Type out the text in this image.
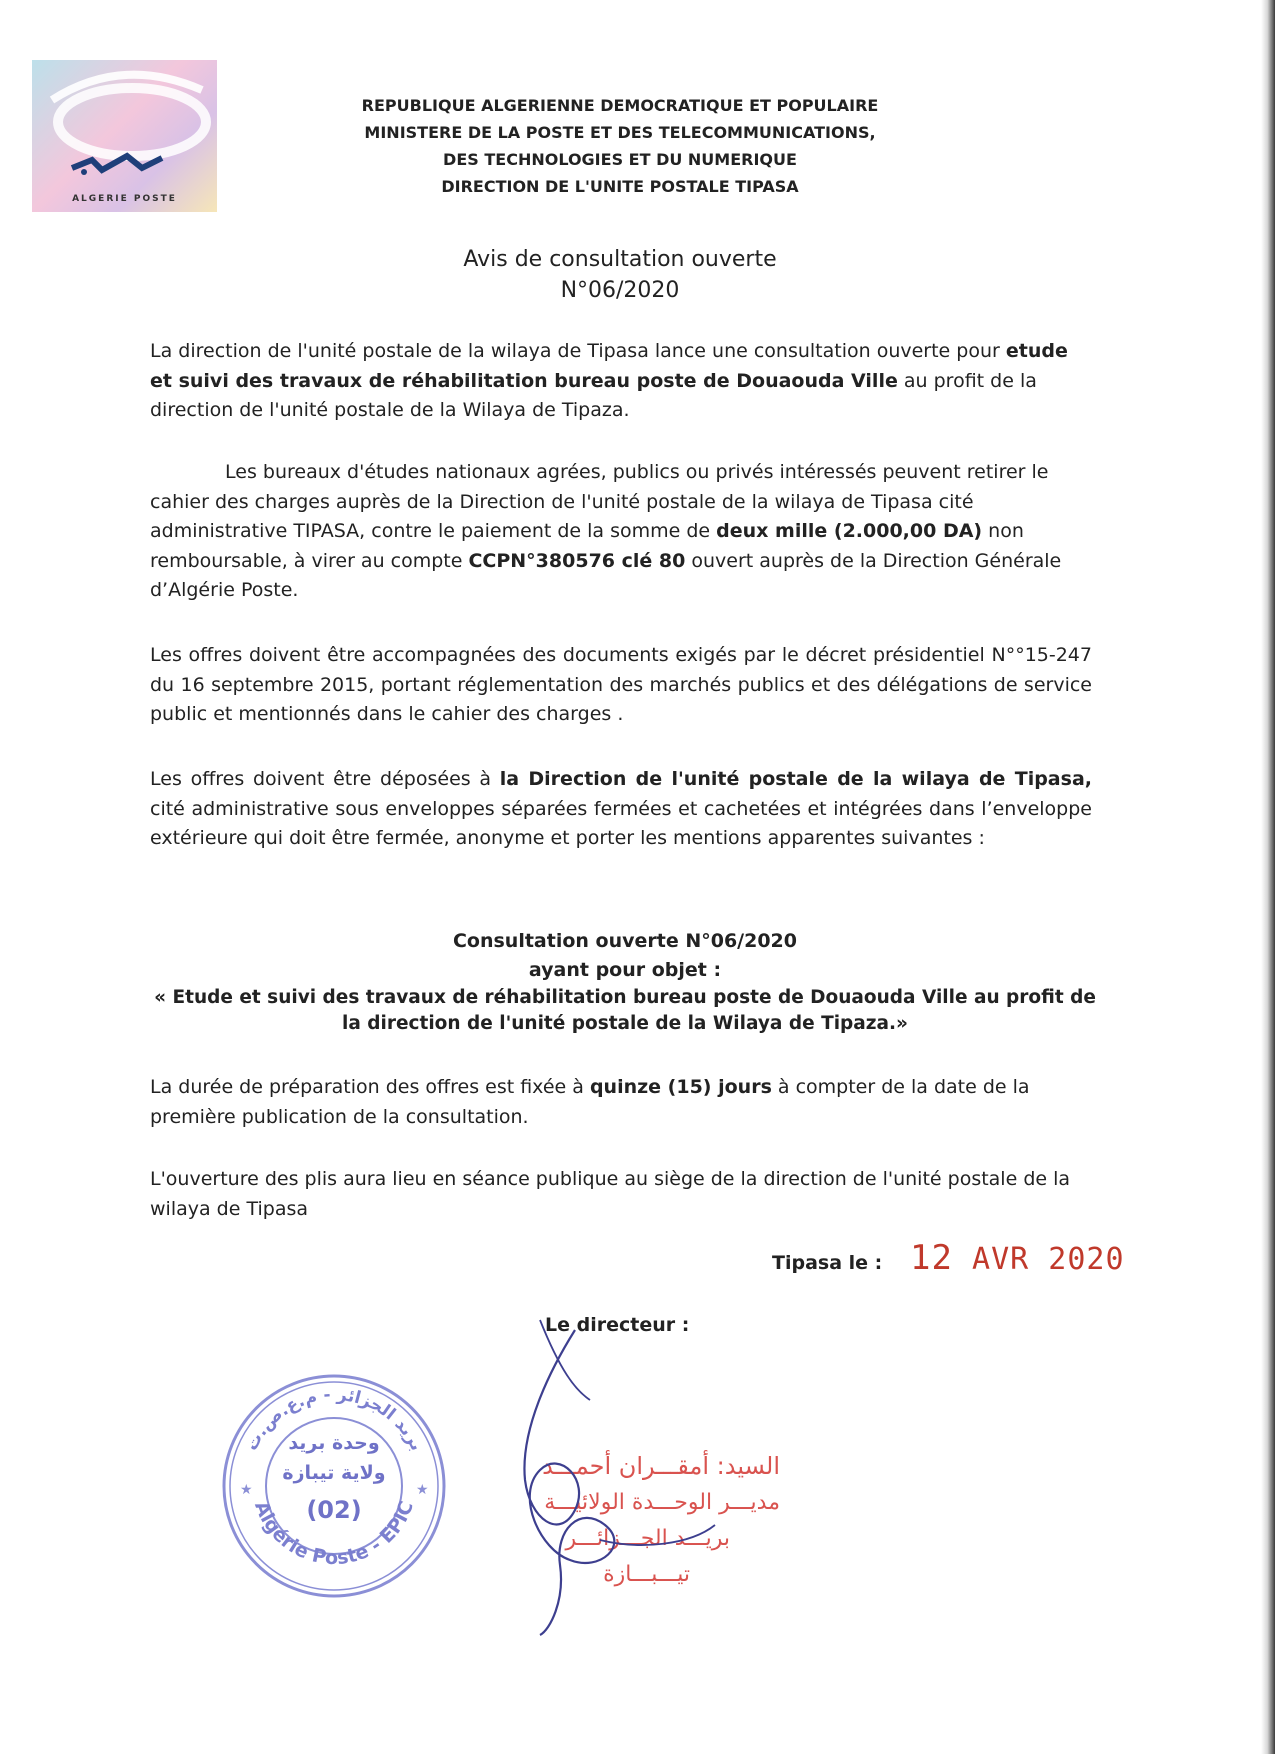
ALGERIE POSTE
REPUBLIQUE ALGERIENNE DEMOCRATIQUE ET POPULAIRE
MINISTERE DE LA POSTE ET DES TELECOMMUNICATIONS,
DES TECHNOLOGIES ET DU NUMERIQUE
DIRECTION DE L'UNITE POSTALE TIPASA
Avis de consultation ouverte
N°06/2020
La direction de l'unité postale de la wilaya de Tipasa lance une consultation ouverte pour etude et suivi des travaux de réhabilitation bureau poste de Douaouda Ville au profit de la direction de l'unité postale de la Wilaya de Tipaza.
Les bureaux d'études nationaux agrées, publics ou privés intéressés peuvent retirer le cahier des charges auprès de la Direction de l'unité postale de la wilaya de Tipasa cité administrative TIPASA, contre le paiement de la somme de deux mille (2.000,00 DA) non remboursable, à virer au compte CCPN°380576 clé 80 ouvert auprès de la Direction Générale d’Algérie Poste.
Les offres doivent être accompagnées des documents exigés par le décret présidentiel N°°15-247 du 16 septembre 2015, portant réglementation des marchés publics et des délégations de service public et mentionnés dans le cahier des charges .
Les offres doivent être déposées à la Direction de l'unité postale de la wilaya de Tipasa, cité administrative sous enveloppes séparées fermées et cachetées et intégrées dans l’enveloppe extérieure qui doit être fermée, anonyme et porter les mentions apparentes suivantes :
Consultation ouverte N°06/2020
ayant pour objet :
« Etude et suivi des travaux de réhabilitation bureau poste de Douaouda Ville au profit de
la direction de l'unité postale de la Wilaya de Tipaza.»
La durée de préparation des offres est fixée à quinze (15) jours à compter de la date de la première publication de la consultation.
L'ouverture des plis aura lieu en séance publique au siège de la direction de l'unité postale de la wilaya de Tipasa
Tipasa le : 12 AVR 2020
Le directeur :
★	★
بريد الجزائر - م.ع.ص.ت
Algérie Poste - EPIC
وحدة بريد
ولاية تيبازة
(02)
السيد: أمقـــران أحمـــد
مديـــر الوحـــدة الولائيـــة
بريـــد الجـــزائـــر
تيـــبـــازة
